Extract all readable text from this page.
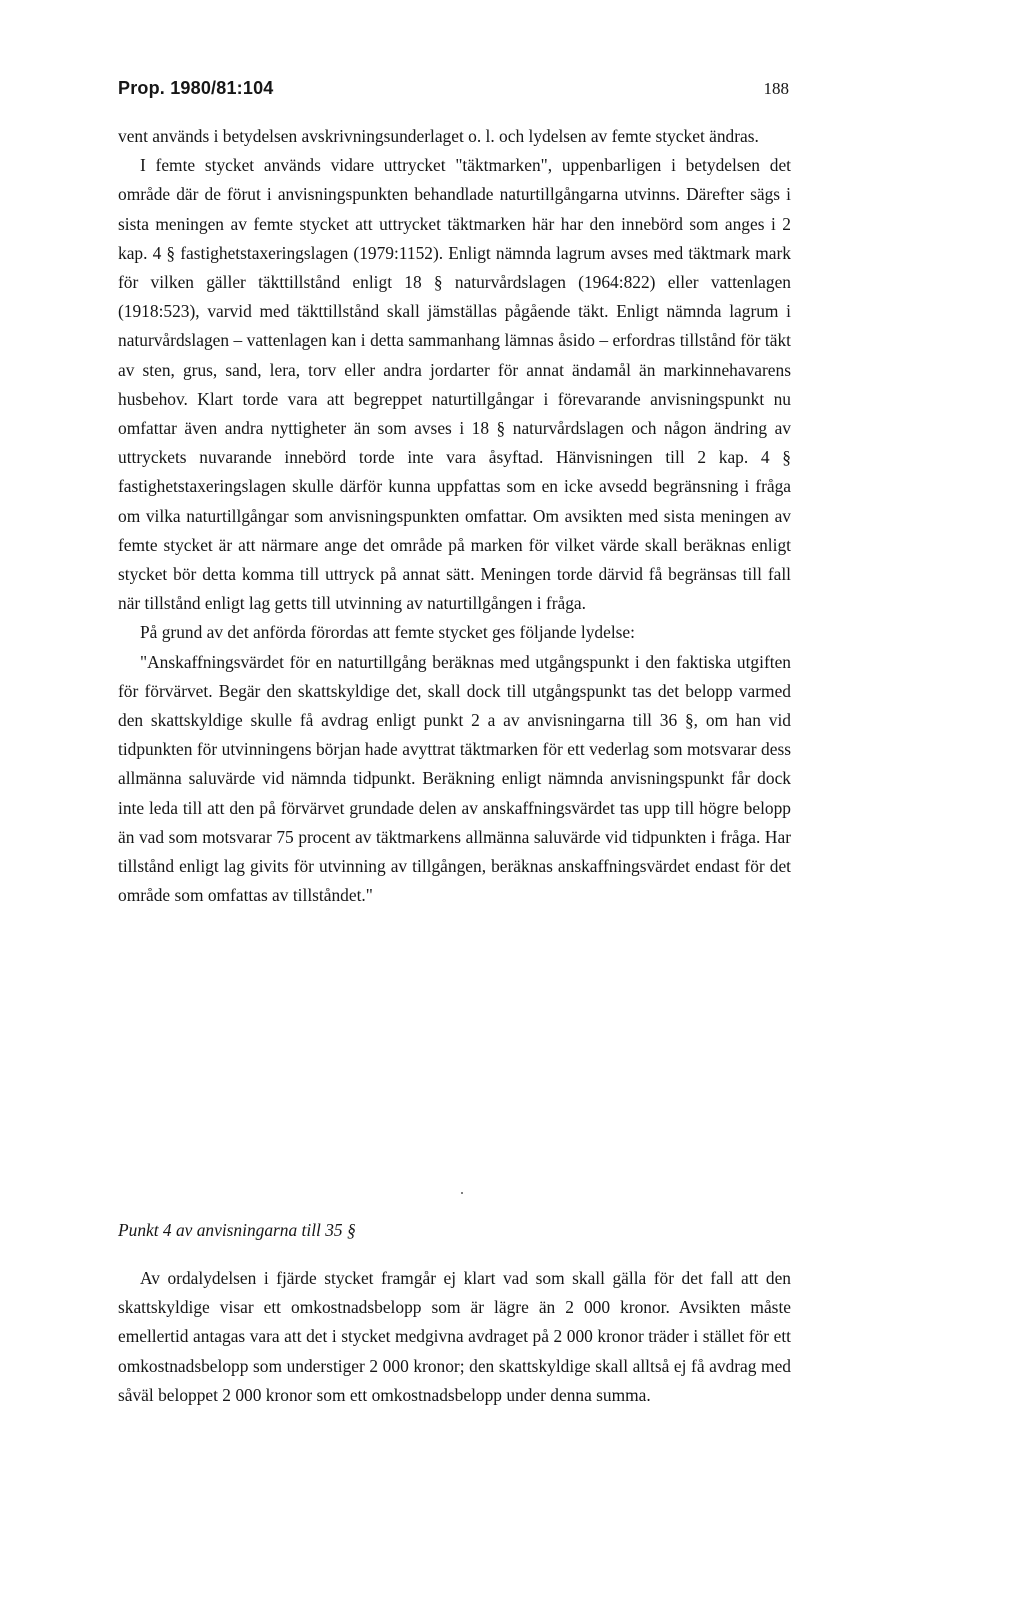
Prop. 1980/81:104	188

vent används i betydelsen avskrivningsunderlaget o. l. och lydelsen av femte stycket ändras.

I femte stycket används vidare uttrycket "täktmarken", uppenbarligen i betydelsen det område där de förut i anvisningspunkten behandlade naturtillgångarna utvinns. Därefter sägs i sista meningen av femte stycket att uttrycket täktmarken här har den innebörd som anges i 2 kap. 4 § fastighetstaxeringslagen (1979:1152). Enligt nämnda lagrum avses med täktmark mark för vilken gäller täkttillstånd enligt 18 § naturvårdslagen (1964:822) eller vattenlagen (1918:523), varvid med täkttillstånd skall jämställas pågående täkt. Enligt nämnda lagrum i naturvårdslagen – vattenlagen kan i detta sammanhang lämnas åsido – erfordras tillstånd för täkt av sten, grus, sand, lera, torv eller andra jordarter för annat ändamål än markinnehavarens husbehov. Klart torde vara att begreppet naturtillgångar i förevarande anvisningspunkt nu omfattar även andra nyttigheter än som avses i 18 § naturvårdslagen och någon ändring av uttryckets nuvarande innebörd torde inte vara åsyftad. Hänvisningen till 2 kap. 4 § fastighetstaxeringslagen skulle därför kunna uppfattas som en icke avsedd begränsning i fråga om vilka naturtillgångar som anvisningspunkten omfattar. Om avsikten med sista meningen av femte stycket är att närmare ange det område på marken för vilket värde skall beräknas enligt stycket bör detta komma till uttryck på annat sätt. Meningen torde därvid få begränsas till fall när tillstånd enligt lag getts till utvinning av naturtillgången i fråga.

På grund av det anförda förordas att femte stycket ges följande lydelse:

"Anskaffningsvärdet för en naturtillgång beräknas med utgångspunkt i den faktiska utgiften för förvärvet. Begär den skattskyldige det, skall dock till utgångspunkt tas det belopp varmed den skattskyldige skulle få avdrag enligt punkt 2 a av anvisningarna till 36 §, om han vid tidpunkten för utvinningens början hade avyttrat täktmarken för ett vederlag som motsvarar dess allmänna saluvärde vid nämnda tidpunkt. Beräkning enligt nämnda anvisningspunkt får dock inte leda till att den på förvärvet grundade delen av anskaffningsvärdet tas upp till högre belopp än vad som motsvarar 75 procent av täktmarkens allmänna saluvärde vid tidpunkten i fråga. Har tillstånd enligt lag givits för utvinning av tillgången, beräknas anskaffningsvärdet endast för det område som omfattas av tillståndet."

Punkt 4 av anvisningarna till 35 §

Av ordalydelsen i fjärde stycket framgår ej klart vad som skall gälla för det fall att den skattskyldige visar ett omkostnadsbelopp som är lägre än 2 000 kronor. Avsikten måste emellertid antagas vara att det i stycket medgivna avdraget på 2 000 kronor träder i stället för ett omkostnadsbelopp som understiger 2 000 kronor; den skattskyldige skall alltså ej få avdrag med såväl beloppet 2 000 kronor som ett omkostnadsbelopp under denna summa.
